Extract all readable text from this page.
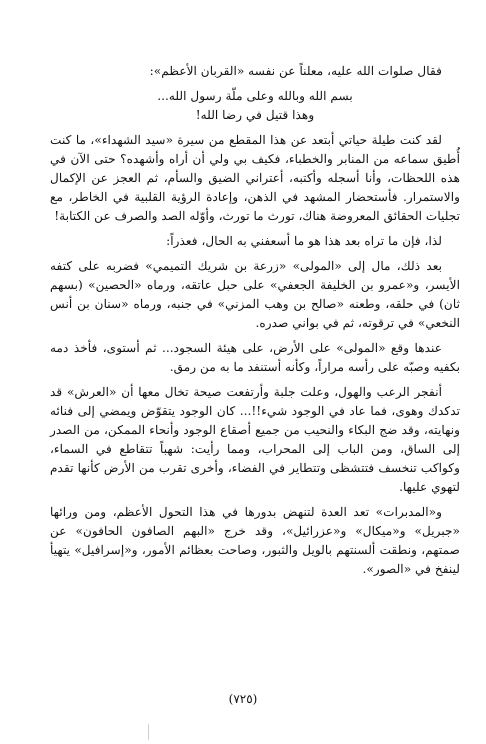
فقال صلوات الله عليه، معلناً عن نفسه «القربان الأعظم»:

بسم الله وبالله وعلى ملّة رسول الله...

وهذا قتيل في رضا الله!

لقد كنت طيلة حياتي أبتعد عن هذا المقطع من سيرة «سيد الشهداء»، ما كنت أُطيق سماعه من المنابر والخطباء، فكيف بي ولي أن أراه وأشهده؟ حتى الآن في هذه اللحظات، وأنا أسجله وأكتبه، أعتراني الضيق والسأم، ثم العجز عن الإكمال والاستمرار. فأستحضار المشهد في الذهن، وإعادة الرؤية القلبية في الخاطر، مع تجليات الحقائق المعروضة هناك، تورث ما تورث، وأوّله الصد والصرف عن الكتابة!

لذا، فإن ما تراه بعد هذا هو ما أسعفني به الحال، فعذراً:

بعد ذلك، مال إلى «المولى» «زرعة بن شريك التميمي» فضربه على كتفه الأيسر، و«عمرو بن الخليفة الجعفي» على حبل عاتقه، ورماه «الحصين» (بسهم ثان) في حلقه، وطعنه «صالح بن وهب المزني» في جنبه، ورماه «سنان بن أنس النخعي» في ترقوته، ثم في بواني صدره.

عندها وقع «المولى» على الأرض، على هيئة السجود... ثم أستوى، فأخذ دمه بكفيه وصبّه على رأسه مراراً، وكأنه أستنفد ما به من رمق.

أنفجر الرعب والهول، وعلت جلبة وأرتفعت صيحة تخال معها أن «العرش» قد تدكدك وهوى، فما عاد في الوجود شيء!!... كان الوجود يتقوّض ويمضي إلى فنائه ونهايته، وقد ضج البكاء والنحيب من جميع أصقاع الوجود وأنحاء الممكن، من الصدر إلى الساق، ومن الباب إلى المحراب، ومما رأيت: شهباً تتقاطع في السماء، وكواكب تنخسف فتتشظى وتتطاير في الفضاء، وأخرى تقرب من الأرض كأنها تقدم لتهوي عليها.

و«المدبرات» تعد العدة لتنهض بدورها في هذا التحول الأعظم، ومن ورائها «جبريل» و«ميكال» و«عزرائيل»، وقد خرج «البهم الصافون الحافون» عن صمتهم، ونطقت ألسنتهم بالويل والثبور، وصاحت بعظائم الأمور، و«إسرافيل» يتهيأ لينفخ في «الصور».

(٧٢٥)
